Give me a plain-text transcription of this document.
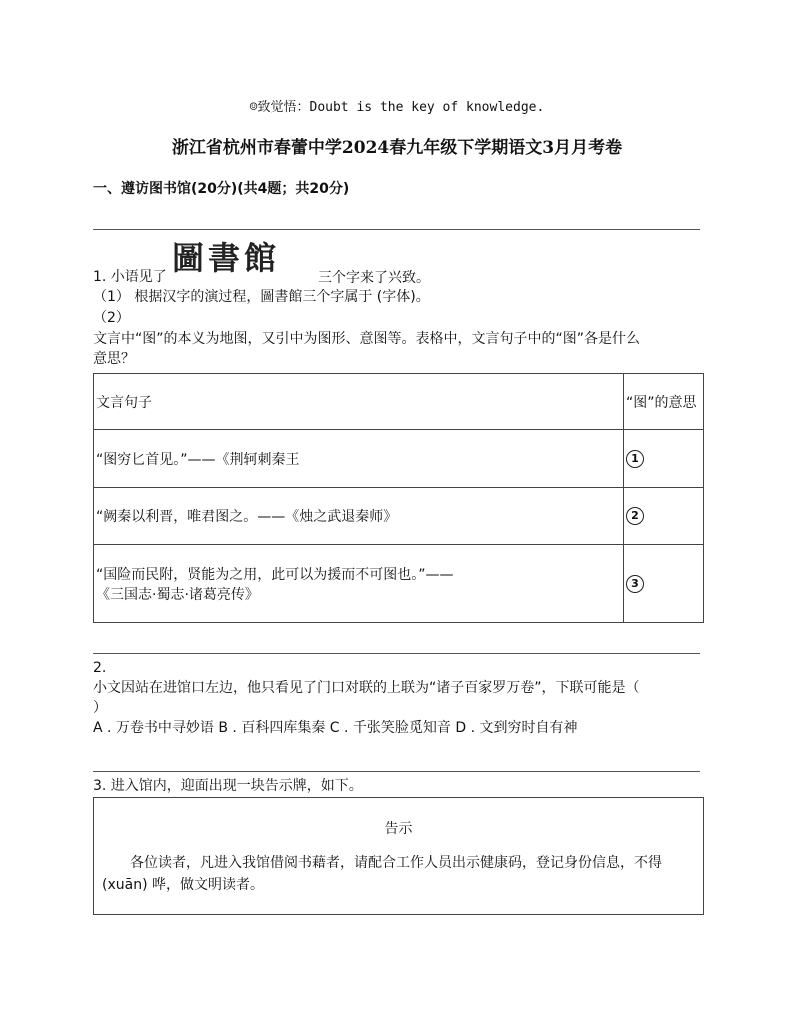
☺致觉悟：Doubt is the key of knowledge.
浙江省杭州市春蕾中学2024春九年级下学期语文3月月考卷
一、遵访图书馆(20分)(共4题；共20分)
1. 小语见了 圖書館
三个字来了兴致。
（1） 根据汉字的演过程，圖書館三个字属于 (字体)。
（2）
文言中“图”的本义为地图，又引中为图形、意图等。表格中，文言句子中的“图”各是什么
意思？
文言句子	“图”的意思
“图穷匕首见。”——《荆轲刺秦王	1
“阙秦以利晋，唯君图之。——《烛之武退秦师》	2

“国险而民附，贤能为之用，此可以为援而不可图也。”——
《三国志·蜀志·诸葛亮传》	3
2.
小文因站在进馆口左边，他只看见了门口对联的上联为“诸子百家罗万卷”，下联可能是（
）
A . 万卷书中寻妙语 B . 百科四库集秦 C . 千张笑脸觅知音 D . 文到穷时自有神
3. 进入馆内，迎面出现一块告示牌，如下。
告示
各位读者，凡进入我馆借阅书藉者，请配合工作人员出示健康码，登记身份信息，不得(xuān) 哗，做文明读者。
